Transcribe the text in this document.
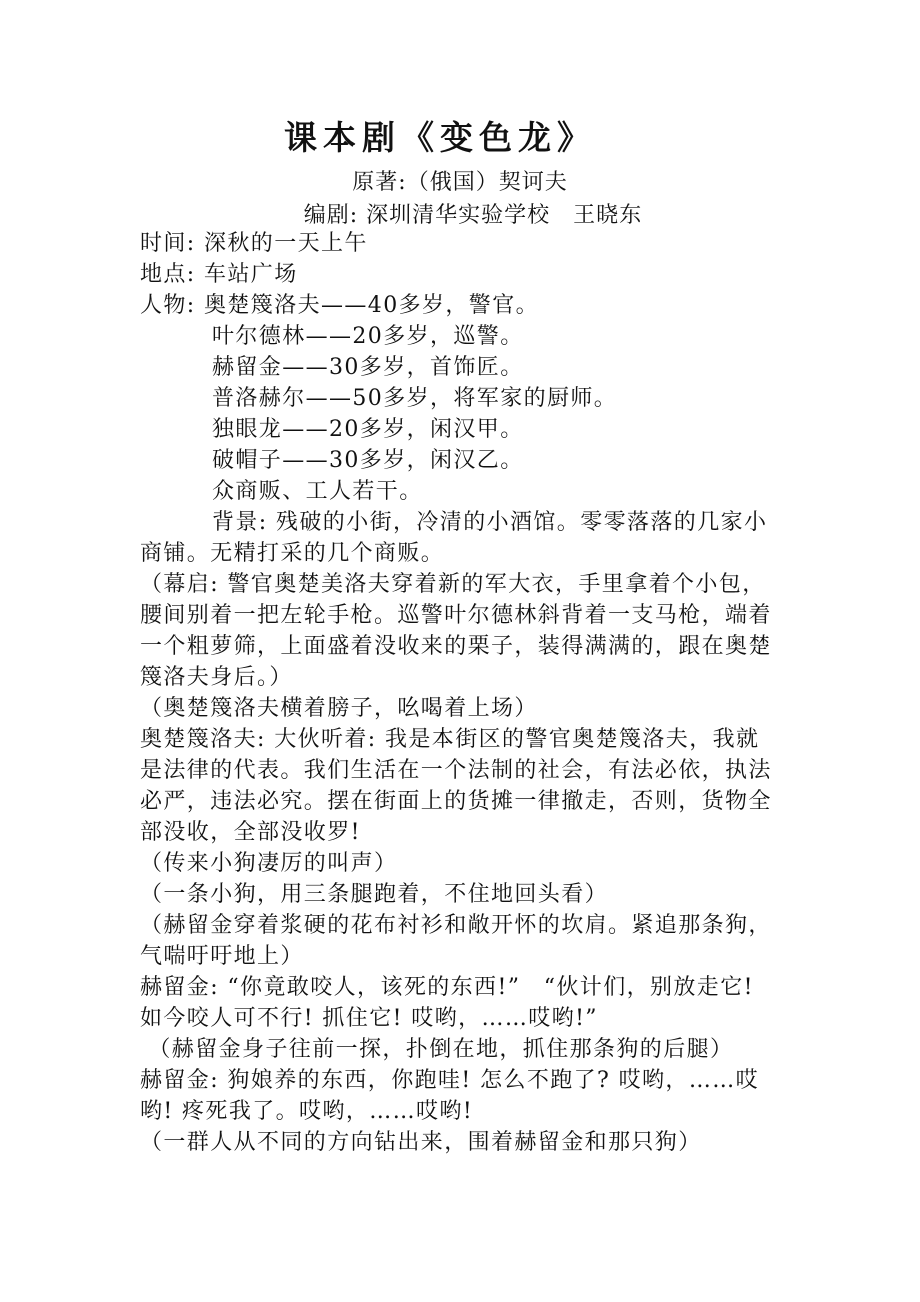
课本剧《变色龙》
原著:（俄国）契诃夫
编剧: 深圳清华实验学校　王晓东

时间: 深秋的一天上午

地点: 车站广场

人物: 奥楚篾洛夫——40多岁，警官。

叶尔德林——20多岁，巡警。

赫留金——30多岁，首饰匠。

普洛赫尔——50多岁，将军家的厨师。

独眼龙——20多岁，闲汉甲。

破帽子——30多岁，闲汉乙。

众商贩、工人若干。

背景: 残破的小街，冷清的小酒馆。零零落落的几家小商铺。无精打采的几个商贩。

（幕启: 警官奥楚美洛夫穿着新的军大衣，手里拿着个小包，腰间别着一把左轮手枪。巡警叶尔德林斜背着一支马枪，端着一个粗萝筛，上面盛着没收来的栗子，装得满满的，跟在奥楚篾洛夫身后。）

（奥楚篾洛夫横着膀子，吆喝着上场）

奥楚篾洛夫: 大伙听着: 我是本街区的警官奥楚篾洛夫，我就是法律的代表。我们生活在一个法制的社会，有法必依，执法必严，违法必究。摆在街面上的货摊一律撤走，否则，货物全部没收，全部没收罗!

（传来小狗凄厉的叫声）

（一条小狗，用三条腿跑着，不住地回头看）

（赫留金穿着浆硬的花布衬衫和敞开怀的坎肩。紧追那条狗，气喘吁吁地上）

赫留金: “你竟敢咬人，该死的东西!”　“伙计们，别放走它! 如今咬人可不行! 抓住它! 哎哟，……哎哟!”

（赫留金身子往前一探，扑倒在地，抓住那条狗的后腿）

赫留金: 狗娘养的东西，你跑哇! 怎么不跑了? 哎哟，……哎哟! 疼死我了。哎哟，……哎哟!

（一群人从不同的方向钻出来，围着赫留金和那只狗）
